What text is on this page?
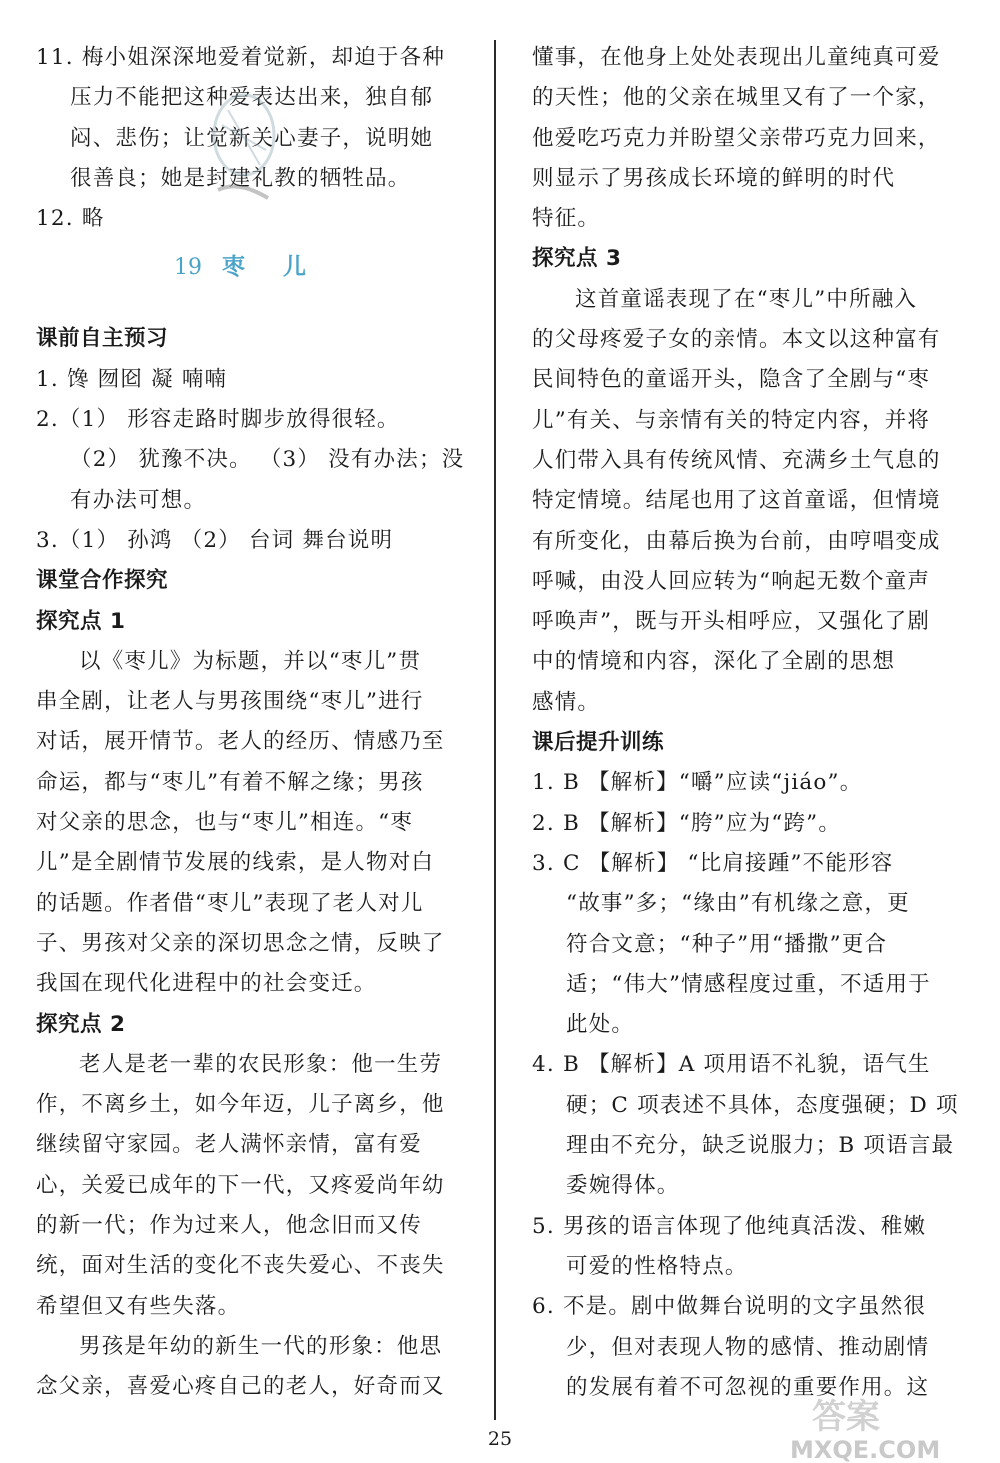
11. 梅小姐深深地爱着觉新，却迫于各种
压力不能把这种爱表达出来，独自郁
闷、悲伤；让觉新关心妻子，说明她
很善良；她是封建礼教的牺牲品。
12. 略
19 枣 儿
课前自主预习
1. 馋 囫囵 凝 喃喃
2.（1） 形容走路时脚步放得很轻。
（2） 犹豫不决。 （3） 没有办法；没
有办法可想。
3.（1） 孙鸿 （2） 台词 舞台说明
课堂合作探究
探究点 1
以《枣儿》为标题，并以“枣儿”贯
串全剧，让老人与男孩围绕“枣儿”进行
对话，展开情节。老人的经历、情感乃至
命运，都与“枣儿”有着不解之缘；男孩
对父亲的思念，也与“枣儿”相连。“枣
儿”是全剧情节发展的线索，是人物对白
的话题。作者借“枣儿”表现了老人对儿
子、男孩对父亲的深切思念之情，反映了
我国在现代化进程中的社会变迁。
探究点 2
老人是老一辈的农民形象：他一生劳
作，不离乡土，如今年迈，儿子离乡，他
继续留守家园。老人满怀亲情，富有爱
心，关爱已成年的下一代，又疼爱尚年幼
的新一代；作为过来人，他念旧而又传
统，面对生活的变化不丧失爱心、不丧失
希望但又有些失落。
男孩是年幼的新生一代的形象：他思
念父亲，喜爱心疼自己的老人，好奇而又
懂事，在他身上处处表现出儿童纯真可爱
的天性；他的父亲在城里又有了一个家，
他爱吃巧克力并盼望父亲带巧克力回来，
则显示了男孩成长环境的鲜明的时代
特征。
探究点 3
这首童谣表现了在“枣儿”中所融入
的父母疼爱子女的亲情。本文以这种富有
民间特色的童谣开头，隐含了全剧与“枣
儿”有关、与亲情有关的特定内容，并将
人们带入具有传统风情、充满乡土气息的
特定情境。结尾也用了这首童谣，但情境
有所变化，由幕后换为台前，由哼唱变成
呼喊，由没人回应转为“响起无数个童声
呼唤声”，既与开头相呼应，又强化了剧
中的情境和内容，深化了全剧的思想
感情。
课后提升训练
1. B 【解析】“嚼”应读“jiáo”。
2. B 【解析】“胯”应为“跨”。
3. C 【解析】 “比肩接踵”不能形容
“故事”多；“缘由”有机缘之意，更
符合文意；“种子”用“播撒”更合
适；“伟大”情感程度过重，不适用于
此处。
4. B 【解析】A 项用语不礼貌，语气生
硬；C 项表述不具体，态度强硬；D 项
理由不充分，缺乏说服力；B 项语言最
委婉得体。
5. 男孩的语言体现了他纯真活泼、稚嫩
可爱的性格特点。
6. 不是。剧中做舞台说明的文字虽然很
少，但对表现人物的感情、推动剧情
的发展有着不可忽视的重要作用。这
25
答案
MXQE.COM
